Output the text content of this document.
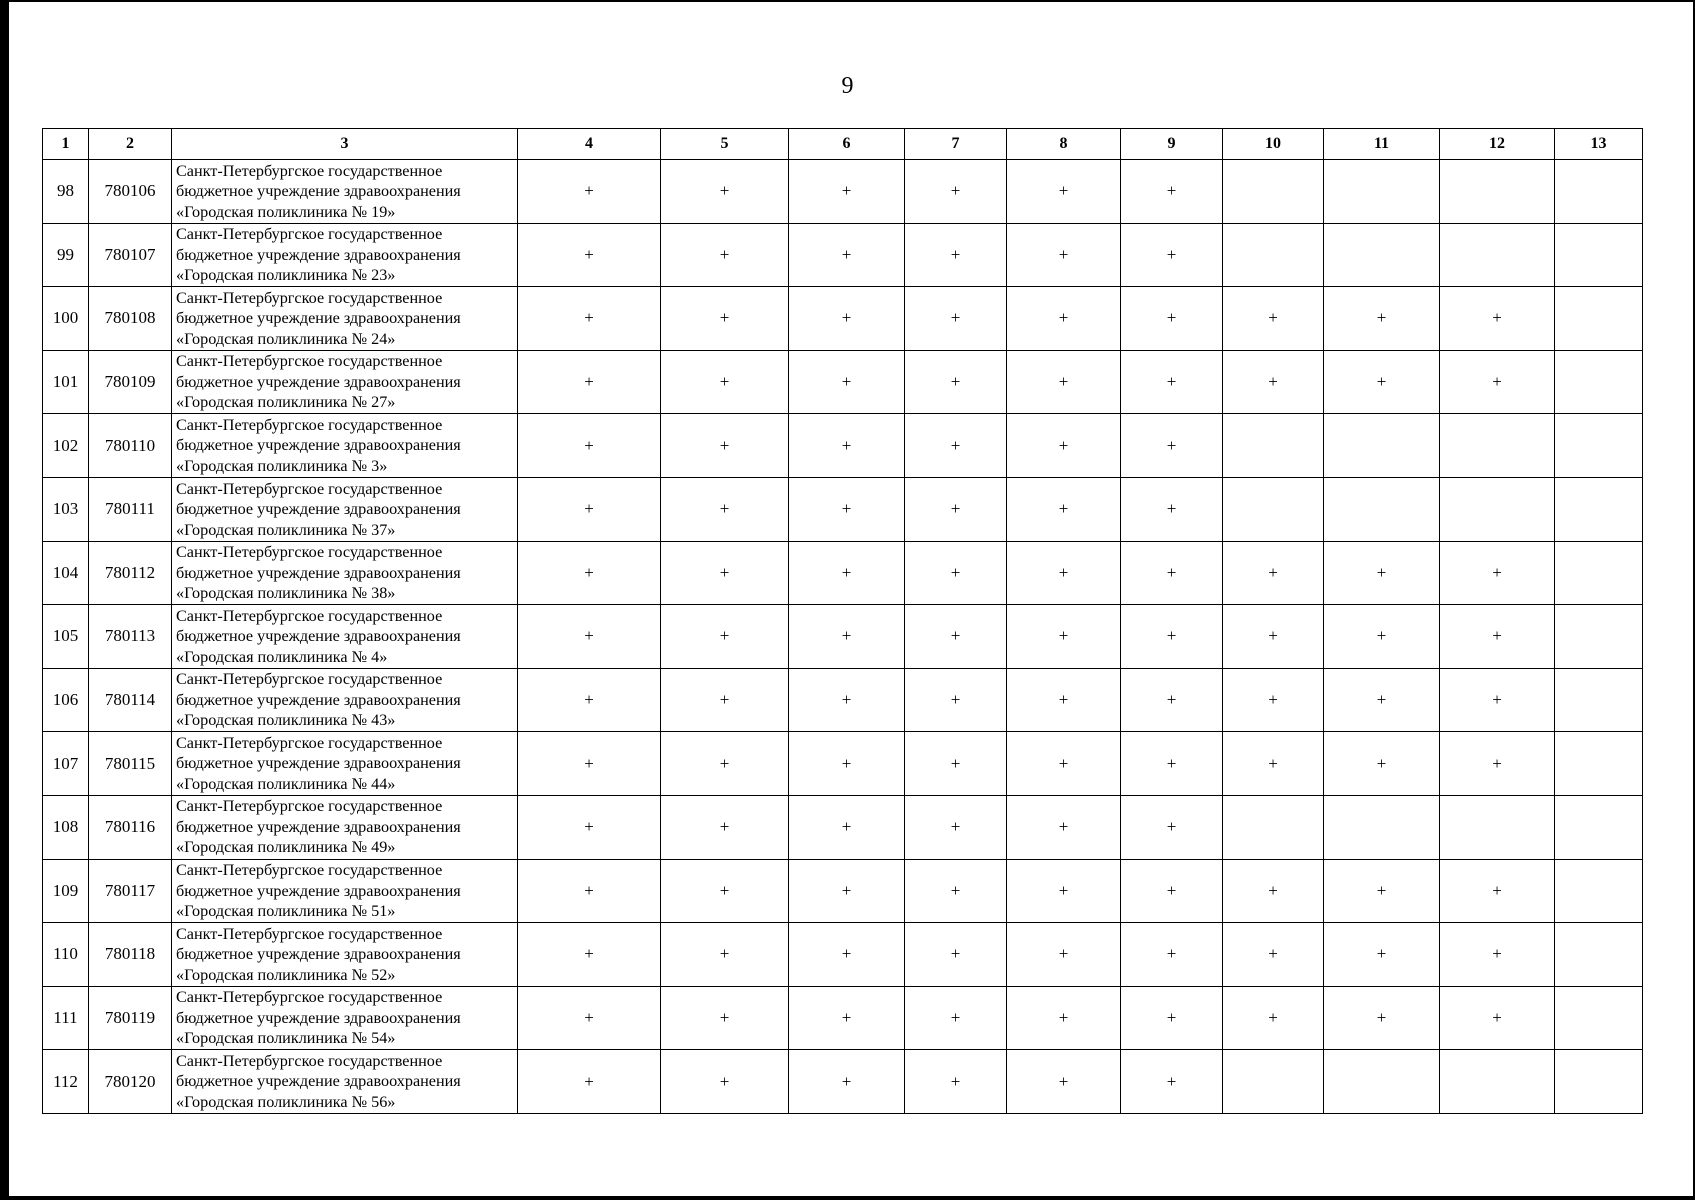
9
1	2	3	4	5	6	7	8	9	10	11	12	13
98	780106	Санкт-Петербургское государственное
бюджетное учреждение здравоохранения
«Городская поликлиника № 19»	+	+	+	+	+	+				
99	780107	Санкт-Петербургское государственное
бюджетное учреждение здравоохранения
«Городская поликлиника № 23»	+	+	+	+	+	+				
100	780108	Санкт-Петербургское государственное
бюджетное учреждение здравоохранения
«Городская поликлиника № 24»	+	+	+	+	+	+	+	+	+	
101	780109	Санкт-Петербургское государственное
бюджетное учреждение здравоохранения
«Городская поликлиника № 27»	+	+	+	+	+	+	+	+	+	
102	780110	Санкт-Петербургское государственное
бюджетное учреждение здравоохранения
«Городская поликлиника № 3»	+	+	+	+	+	+				
103	780111	Санкт-Петербургское государственное
бюджетное учреждение здравоохранения
«Городская поликлиника № 37»	+	+	+	+	+	+				
104	780112	Санкт-Петербургское государственное
бюджетное учреждение здравоохранения
«Городская поликлиника № 38»	+	+	+	+	+	+	+	+	+	
105	780113	Санкт-Петербургское государственное
бюджетное учреждение здравоохранения
«Городская поликлиника № 4»	+	+	+	+	+	+	+	+	+	
106	780114	Санкт-Петербургское государственное
бюджетное учреждение здравоохранения
«Городская поликлиника № 43»	+	+	+	+	+	+	+	+	+	
107	780115	Санкт-Петербургское государственное
бюджетное учреждение здравоохранения
«Городская поликлиника № 44»	+	+	+	+	+	+	+	+	+	
108	780116	Санкт-Петербургское государственное
бюджетное учреждение здравоохранения
«Городская поликлиника № 49»	+	+	+	+	+	+				
109	780117	Санкт-Петербургское государственное
бюджетное учреждение здравоохранения
«Городская поликлиника № 51»	+	+	+	+	+	+	+	+	+	
110	780118	Санкт-Петербургское государственное
бюджетное учреждение здравоохранения
«Городская поликлиника № 52»	+	+	+	+	+	+	+	+	+	
111	780119	Санкт-Петербургское государственное
бюджетное учреждение здравоохранения
«Городская поликлиника № 54»	+	+	+	+	+	+	+	+	+	
112	780120	Санкт-Петербургское государственное
бюджетное учреждение здравоохранения
«Городская поликлиника № 56»	+	+	+	+	+	+				
